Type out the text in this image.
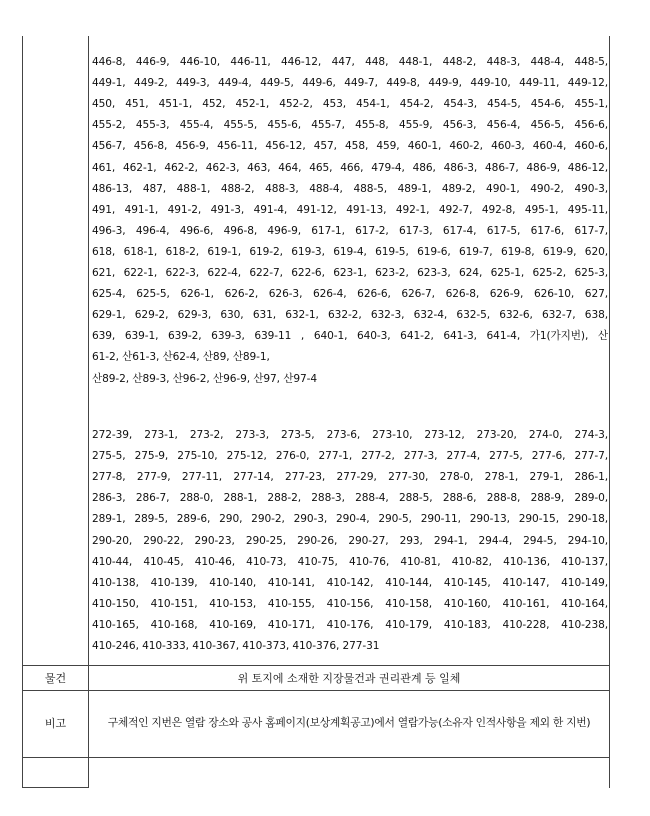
446-8, 446-9, 446-10, 446-11, 446-12, 447, 448, 448-1, 448-2, 448-3, 448-4, 448-5,
449-1, 449-2, 449-3, 449-4, 449-5, 449-6, 449-7, 449-8, 449-9, 449-10, 449-11, 449-12,
450, 451, 451-1, 452, 452-1, 452-2, 453, 454-1, 454-2, 454-3, 454-5, 454-6, 455-1,
455-2, 455-3, 455-4, 455-5, 455-6, 455-7, 455-8, 455-9, 456-3, 456-4, 456-5, 456-6,
456-7, 456-8, 456-9, 456-11, 456-12, 457, 458, 459, 460-1, 460-2, 460-3, 460-4, 460-6,
461, 462-1, 462-2, 462-3, 463, 464, 465, 466, 479-4, 486, 486-3, 486-7, 486-9, 486-12,
486-13, 487, 488-1, 488-2, 488-3, 488-4, 488-5, 489-1, 489-2, 490-1, 490-2, 490-3,
491, 491-1, 491-2, 491-3, 491-4, 491-12, 491-13, 492-1, 492-7, 492-8, 495-1, 495-11,
496-3, 496-4, 496-6, 496-8, 496-9, 617-1, 617-2, 617-3, 617-4, 617-5, 617-6, 617-7,
618, 618-1, 618-2, 619-1, 619-2, 619-3, 619-4, 619-5, 619-6, 619-7, 619-8, 619-9, 620,
621, 622-1, 622-3, 622-4, 622-7, 622-6, 623-1, 623-2, 623-3, 624, 625-1, 625-2, 625-3,
625-4, 625-5, 626-1, 626-2, 626-3, 626-4, 626-6, 626-7, 626-8, 626-9, 626-10, 627,
629-1, 629-2, 629-3, 630, 631, 632-1, 632-2, 632-3, 632-4, 632-5, 632-6, 632-7, 638,
639, 639-1, 639-2, 639-3, 639-11 , 640-1, 640-3, 641-2, 641-3, 641-4, 가1(가지번), 산
61-2, 산61-3, 산62-4, 산89, 산89-1,
산89-2, 산89-3, 산96-2, 산96-9, 산97, 산97-4
272-39, 273-1, 273-2, 273-3, 273-5, 273-6, 273-10, 273-12, 273-20, 274-0, 274-3,
275-5, 275-9, 275-10, 275-12, 276-0, 277-1, 277-2, 277-3, 277-4, 277-5, 277-6, 277-7,
277-8, 277-9, 277-11, 277-14, 277-23, 277-29, 277-30, 278-0, 278-1, 279-1, 286-1,
286-3, 286-7, 288-0, 288-1, 288-2, 288-3, 288-4, 288-5, 288-6, 288-8, 288-9, 289-0,
289-1, 289-5, 289-6, 290, 290-2, 290-3, 290-4, 290-5, 290-11, 290-13, 290-15, 290-18,
290-20, 290-22, 290-23, 290-25, 290-26, 290-27, 293, 294-1, 294-4, 294-5, 294-10,
410-44, 410-45, 410-46, 410-73, 410-75, 410-76, 410-81, 410-82, 410-136, 410-137,
410-138, 410-139, 410-140, 410-141, 410-142, 410-144, 410-145, 410-147, 410-149,
410-150, 410-151, 410-153, 410-155, 410-156, 410-158, 410-160, 410-161, 410-164,
410-165, 410-168, 410-169, 410-171, 410-176, 410-179, 410-183, 410-228, 410-238,
410-246, 410-333, 410-367, 410-373, 410-376, 277-31
물건	위 토지에 소재한 지장물건과 권리관계 등 일체
비고	구체적인 지번은 열람 장소와 공사 홈페이지(보상계획공고)에서 열람가능(소유자 인적사항을 제외 한 지번)
